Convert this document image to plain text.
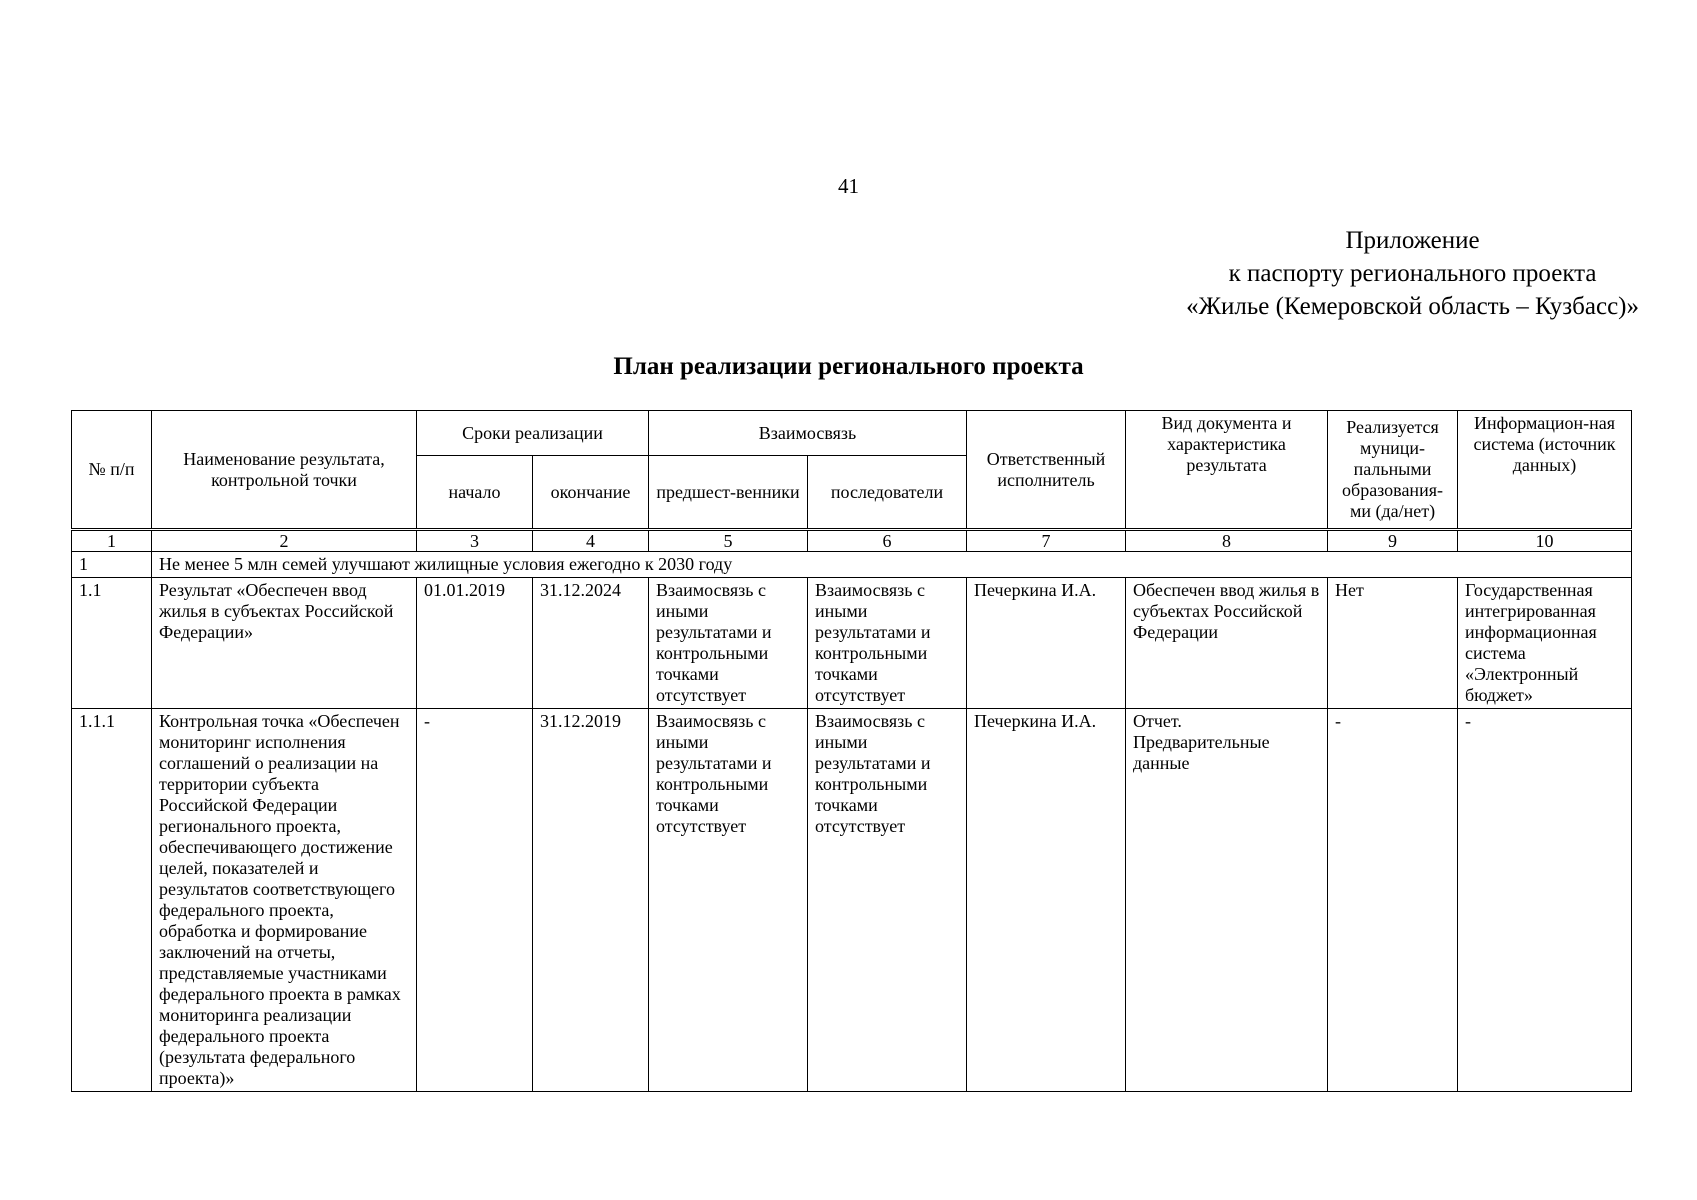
41
Приложение
к паспорту регионального проекта
«Жилье (Кемеровской область – Кузбасс)»
План реализации регионального проекта
№ п/п	Наименование результата, контрольной точки	Сроки реализации		Взаимосвязь		Ответственный исполнитель	Вид документа и характеристика результата	Реализуется муници-пальными образования-ми (да/нет)	Информацион-ная система (источник данных)
		начало	окончание	предшест-венники	последователи				

1	2	3	4	5	6	7	8	9	10
1	Не менее 5 млн семей улучшают жилищные условия ежегодно к 2030 году								
1.1	Результат «Обеспечен ввод жилья в субъектах Российской Федерации»	01.01.2019	31.12.2024	Взаимосвязь с иными результатами и контрольными точками отсутствует	Взаимосвязь с иными результатами и контрольными точками отсутствует	Печеркина И.А.	Обеспечен ввод жилья в субъектах Российской Федерации	Нет	Государственная интегрированная информационная система «Электронный бюджет»
1.1.1	Контрольная точка «Обеспечен мониторинг исполнения соглашений о реализации на территории субъекта Российской Федерации регионального проекта, обеспечивающего достижение целей, показателей и результатов соответствующего федерального проекта, обработка и формирование заключений на отчеты, представляемые участниками федерального проекта в рамках мониторинга реализации федерального проекта (результата федерального проекта)»	-	31.12.2019	Взаимосвязь с иными результатами и контрольными точками отсутствует	Взаимосвязь с иными результатами и контрольными точками отсутствует	Печеркина И.А.	Отчет. Предварительные данные	-	-
